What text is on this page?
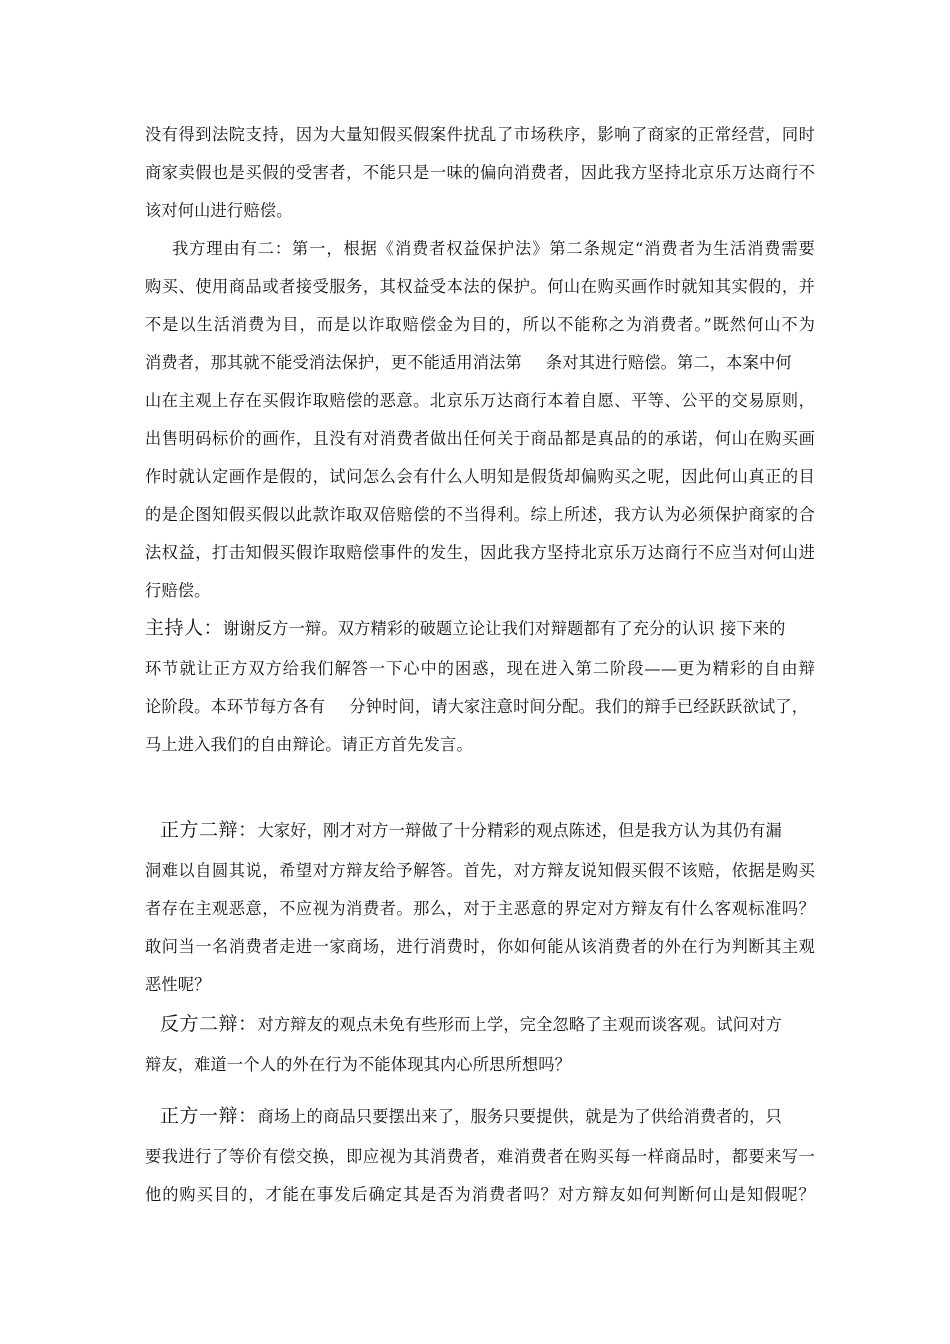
没有得到法院支持，因为大量知假买假案件扰乱了市场秩序，影响了商家的正常经营，同时
商家卖假也是买假的受害者，不能只是一味的偏向消费者，因此我方坚持北京乐万达商行不
该对何山进行赔偿。
我方理由有二：第一，根据《消费者权益保护法》第二条规定“消费者为生活消费需要
购买、使用商品或者接受服务，其权益受本法的保护。何山在购买画作时就知其实假的，并
不是以生活消费为目，而是以诈取赔偿金为目的，所以不能称之为消费者。”既然何山不为
消费者，那其就不能受消法保护，更不能适用消法第 条对其进行赔偿。第二，本案中何
山在主观上存在买假诈取赔偿的恶意。北京乐万达商行本着自愿、平等、公平的交易原则，
出售明码标价的画作，且没有对消费者做出任何关于商品都是真品的的承诺，何山在购买画
作时就认定画作是假的，试问怎么会有什么人明知是假货却偏购买之呢，因此何山真正的目
的是企图知假买假以此款诈取双倍赔偿的不当得利。综上所述，我方认为必须保护商家的合
法权益，打击知假买假诈取赔偿事件的发生，因此我方坚持北京乐万达商行不应当对何山进
行赔偿。
主持人：谢谢反方一辩。双方精彩的破题立论让我们对辩题都有了充分的认识 接下来的
环节就让正方双方给我们解答一下心中的困惑，现在进入第二阶段——更为精彩的自由辩
论阶段。本环节每方各有 分钟时间，请大家注意时间分配。我们的辩手已经跃跃欲试了，
马上进入我们的自由辩论。请正方首先发言。
正方二辩：大家好，刚才对方一辩做了十分精彩的观点陈述，但是我方认为其仍有漏
洞难以自圆其说，希望对方辩友给予解答。首先，对方辩友说知假买假不该赔，依据是购买
者存在主观恶意，不应视为消费者。那么，对于主恶意的界定对方辩友有什么客观标准吗？
敢问当一名消费者走进一家商场，进行消费时，你如何能从该消费者的外在行为判断其主观
恶性呢？
反方二辩：对方辩友的观点未免有些形而上学，完全忽略了主观而谈客观。试问对方
辩友，难道一个人的外在行为不能体现其内心所思所想吗？
正方一辩：商场上的商品只要摆出来了，服务只要提供，就是为了供给消费者的，只
要我进行了等价有偿交换，即应视为其消费者，难消费者在购买每一样商品时，都要来写一
他的购买目的，才能在事发后确定其是否为消费者吗？对方辩友如何判断何山是知假呢？
